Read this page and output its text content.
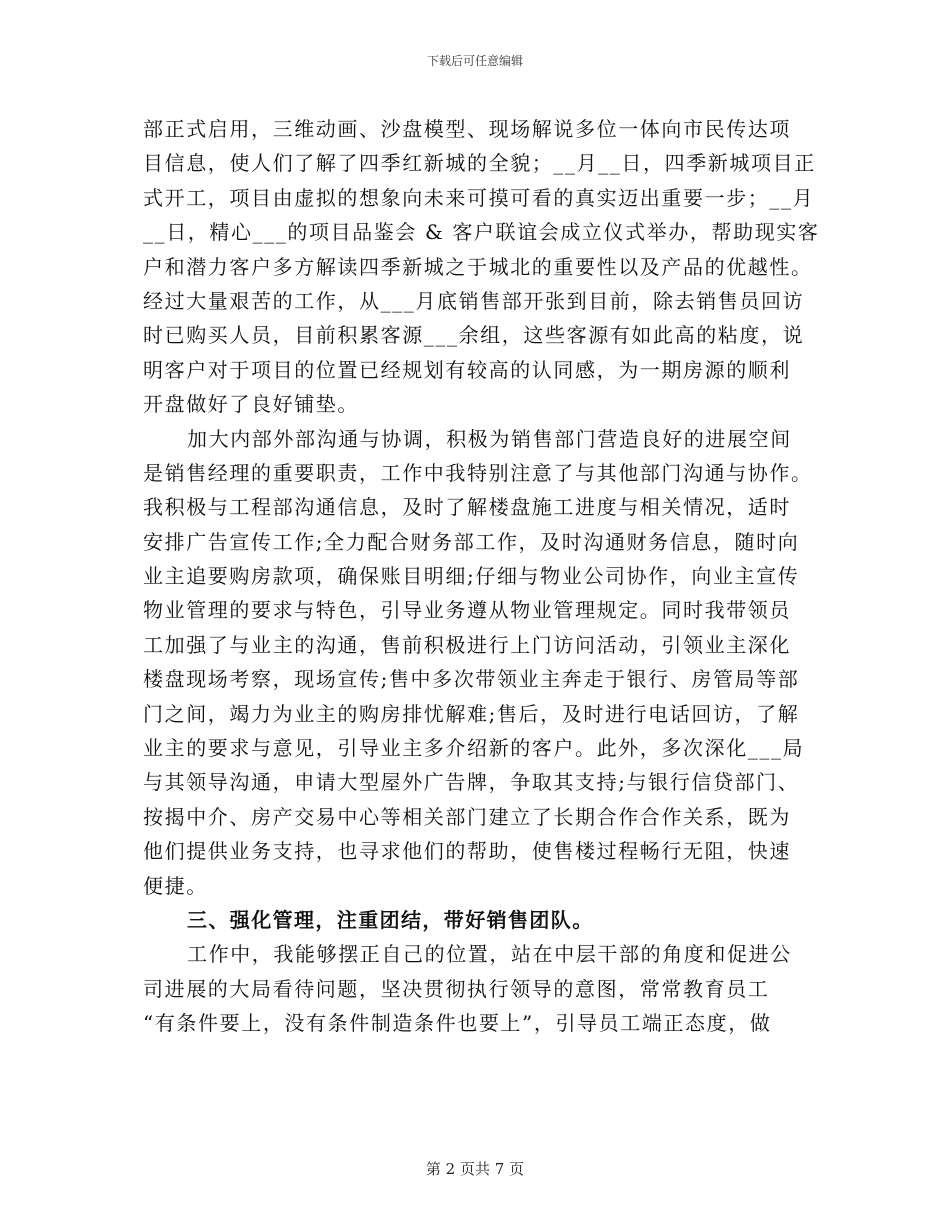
下载后可任意编辑
部正式启用，三维动画、沙盘模型、现场解说多位一体向市民传达项
目信息，使人们了解了四季红新城的全貌；__月__日，四季新城项目正
式开工，项目由虚拟的想象向未来可摸可看的真实迈出重要一步；__月
__日，精心___的项目品鉴会 & 客户联谊会成立仪式举办，帮助现实客
户和潜力客户多方解读四季新城之于城北的重要性以及产品的优越性。
经过大量艰苦的工作，从___月底销售部开张到目前，除去销售员回访
时已购买人员，目前积累客源___余组，这些客源有如此高的粘度，说
明客户对于项目的位置已经规划有较高的认同感，为一期房源的顺利
开盘做好了良好铺垫。
加大内部外部沟通与协调，积极为销售部门营造良好的进展空间
是销售经理的重要职责，工作中我特别注意了与其他部门沟通与协作。
我积极与工程部沟通信息，及时了解楼盘施工进度与相关情况，适时
安排广告宣传工作;全力配合财务部工作，及时沟通财务信息，随时向
业主追要购房款项，确保账目明细;仔细与物业公司协作，向业主宣传
物业管理的要求与特色，引导业务遵从物业管理规定。同时我带领员
工加强了与业主的沟通，售前积极进行上门访问活动，引领业主深化
楼盘现场考察，现场宣传;售中多次带领业主奔走于银行、房管局等部
门之间，竭力为业主的购房排忧解难;售后，及时进行电话回访，了解
业主的要求与意见，引导业主多介绍新的客户。此外，多次深化___局
与其领导沟通，申请大型屋外广告牌，争取其支持;与银行信贷部门、
按揭中介、房产交易中心等相关部门建立了长期合作合作关系，既为
他们提供业务支持，也寻求他们的帮助，使售楼过程畅行无阻，快速
便捷。
三、强化管理，注重团结，带好销售团队。
工作中，我能够摆正自己的位置，站在中层干部的角度和促进公
司进展的大局看待问题，坚决贯彻执行领导的意图，常常教育员工
“有条件要上，没有条件制造条件也要上”，引导员工端正态度，做
第 2 页共 7 页
